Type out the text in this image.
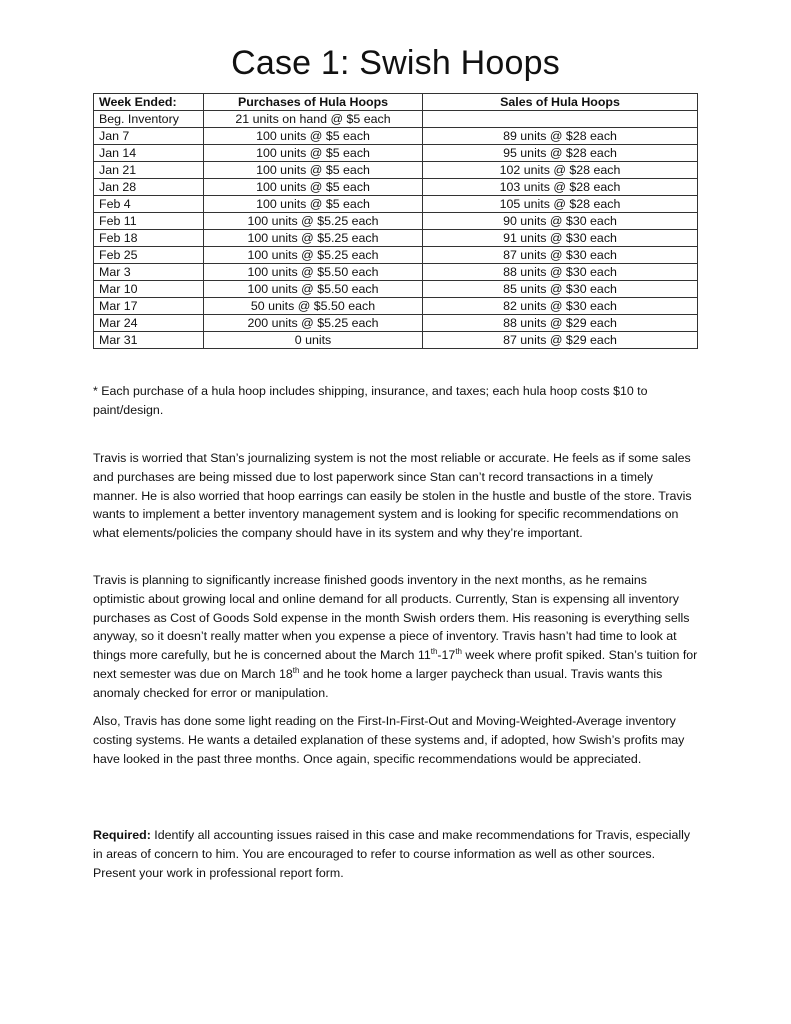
Case 1: Swish Hoops
Week Ended:	Purchases of Hula Hoops	Sales of Hula Hoops
Beg. Inventory	21 units on hand @ $5 each	
Jan 7	100 units @ $5 each	89 units @ $28 each
Jan 14	100 units @ $5 each	95 units @ $28 each
Jan 21	100 units @ $5 each	102 units @ $28 each
Jan 28	100 units @ $5 each	103 units @ $28 each
Feb 4	100 units @ $5 each	105 units @ $28 each
Feb 11	100 units @ $5.25 each	90 units @ $30 each
Feb 18	100 units @ $5.25 each	91 units @ $30 each
Feb 25	100 units @ $5.25 each	87 units @ $30 each
Mar 3	100 units @ $5.50 each	88 units @ $30 each
Mar 10	100 units @ $5.50 each	85 units @ $30 each
Mar 17	50 units @ $5.50 each	82 units @ $30 each
Mar 24	200 units @ $5.25 each	88 units @ $29 each
Mar 31	0 units	87 units @ $29 each

* Each purchase of a hula hoop includes shipping, insurance, and taxes; each hula hoop costs $10 to paint/design.

Travis is worried that Stan’s journalizing system is not the most reliable or accurate. He feels as if some sales and purchases are being missed due to lost paperwork since Stan can’t record transactions in a timely manner. He is also worried that hoop earrings can easily be stolen in the hustle and bustle of the store. Travis wants to implement a better inventory management system and is looking for specific recommendations on what elements/policies the company should have in its system and why they’re important.

Travis is planning to significantly increase finished goods inventory in the next months, as he remains optimistic about growing local and online demand for all products. Currently, Stan is expensing all inventory purchases as Cost of Goods Sold expense in the month Swish orders them. His reasoning is everything sells anyway, so it doesn’t really matter when you expense a piece of inventory. Travis hasn’t had time to look at things more carefully, but he is concerned about the March 11th-17th week where profit spiked. Stan’s tuition for next semester was due on March 18th and he took home a larger paycheck than usual. Travis wants this anomaly checked for error or manipulation.

Also, Travis has done some light reading on the First-In-First-Out and Moving-Weighted-Average inventory costing systems. He wants a detailed explanation of these systems and, if adopted, how Swish’s profits may have looked in the past three months. Once again, specific recommendations would be appreciated.

Required: Identify all accounting issues raised in this case and make recommendations for Travis, especially in areas of concern to him. You are encouraged to refer to course information as well as other sources. Present your work in professional report form.
